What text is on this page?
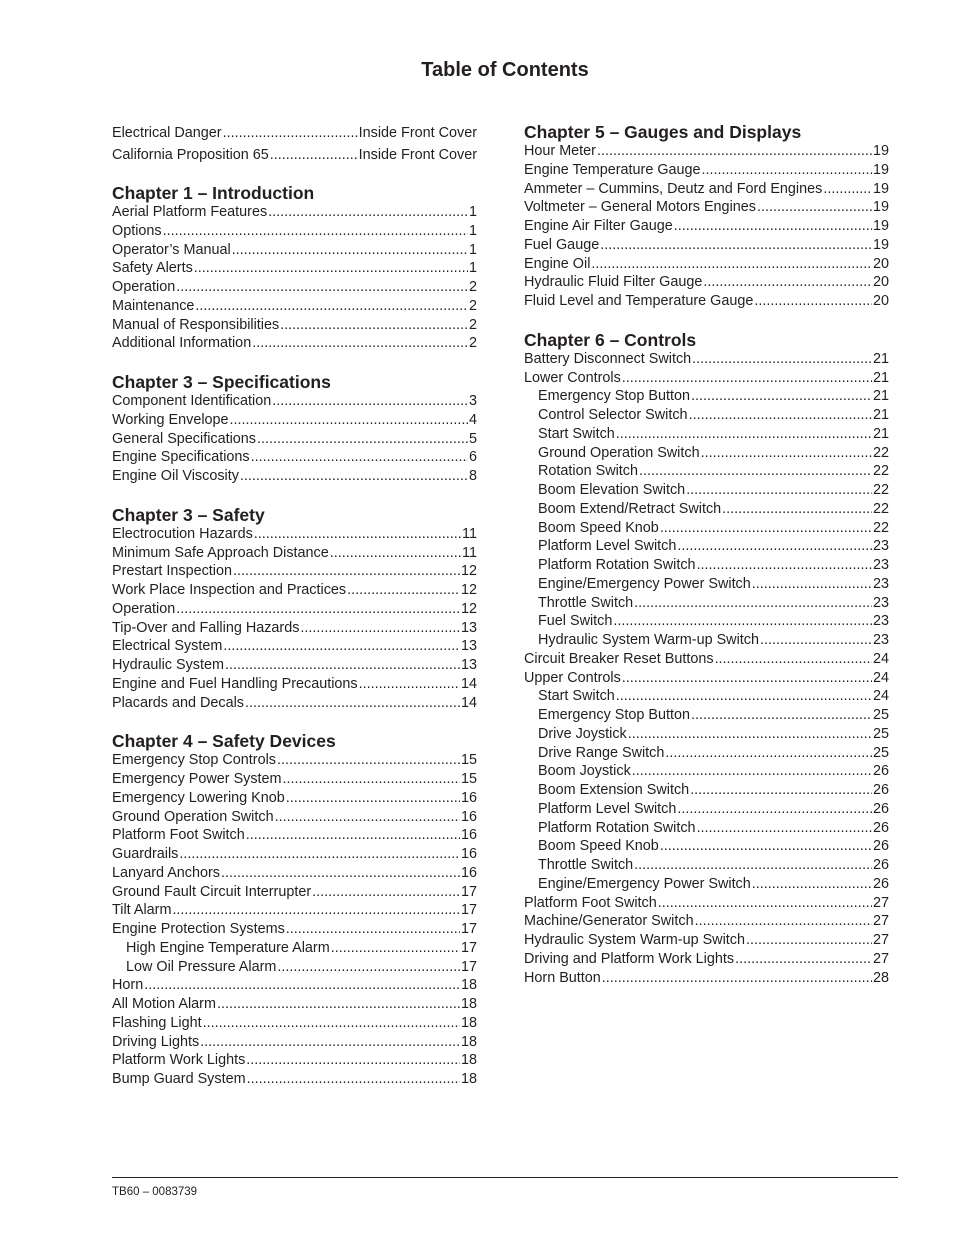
Table of Contents
Electrical Danger .....	Inside Front Cover
California Proposition 65 .....	Inside Front Cover
Chapter 1 – Introduction
Aerial Platform Features .....	1
Options .....	1
Operator’s Manual .....	1
Safety Alerts .....	1
Operation .....	2
Maintenance .....	2
Manual of Responsibilities .....	2
Additional Information .....	2
Chapter 3 – Specifications
Component Identification .....	3
Working Envelope .....	4
General Specifications .....	5
Engine Specifications .....	6
Engine Oil Viscosity .....	8
Chapter 3 – Safety
Electrocution Hazards .....	11
Minimum Safe Approach Distance .....	11
Prestart Inspection .....	12
Work Place Inspection and Practices .....	12
Operation .....	12
Tip-Over and Falling Hazards .....	13
Electrical System .....	13
Hydraulic System .....	13
Engine and Fuel Handling Precautions .....	14
Placards and Decals .....	14
Chapter 4 – Safety Devices
Emergency Stop Controls .....	15
Emergency Power System .....	15
Emergency Lowering Knob .....	16
Ground Operation Switch .....	16
Platform Foot Switch .....	16
Guardrails .....	16
Lanyard Anchors .....	16
Ground Fault Circuit Interrupter .....	17
Tilt Alarm .....	17
Engine Protection Systems .....	17
High Engine Temperature Alarm .....	17
Low Oil Pressure Alarm .....	17
Horn .....	18
All Motion Alarm .....	18
Flashing Light .....	18
Driving Lights .....	18
Platform Work Lights .....	18
Bump Guard System .....	18
Chapter 5 – Gauges and Displays
Hour Meter .....	19
Engine Temperature Gauge .....	19
Ammeter – Cummins, Deutz and Ford Engines .....	19
Voltmeter – General Motors Engines .....	19
Engine Air Filter Gauge .....	19
Fuel Gauge .....	19
Engine Oil .....	20
Hydraulic Fluid Filter Gauge .....	20
Fluid Level and Temperature Gauge .....	20
Chapter 6 – Controls
Battery Disconnect Switch .....	21
Lower Controls .....	21
Emergency Stop Button .....	21
Control Selector Switch .....	21
Start Switch .....	21
Ground Operation Switch .....	22
Rotation Switch .....	22
Boom Elevation Switch .....	22
Boom Extend/Retract Switch .....	22
Boom Speed Knob .....	22
Platform Level Switch .....	23
Platform Rotation Switch .....	23
Engine/Emergency Power Switch .....	23
Throttle Switch .....	23
Fuel Switch .....	23
Hydraulic System Warm-up Switch .....	23
Circuit Breaker Reset Buttons .....	24
Upper Controls .....	24
Start Switch .....	24
Emergency Stop Button .....	25
Drive Joystick .....	25
Drive Range Switch .....	25
Boom Joystick .....	26
Boom Extension Switch .....	26
Platform Level Switch .....	26
Platform Rotation Switch .....	26
Boom Speed Knob .....	26
Throttle Switch .....	26
Engine/Emergency Power Switch .....	26
Platform Foot Switch .....	27
Machine/Generator Switch .....	27
Hydraulic System Warm-up Switch .....	27
Driving and Platform Work Lights .....	27
Horn Button .....	28
TB60 – 0083739
